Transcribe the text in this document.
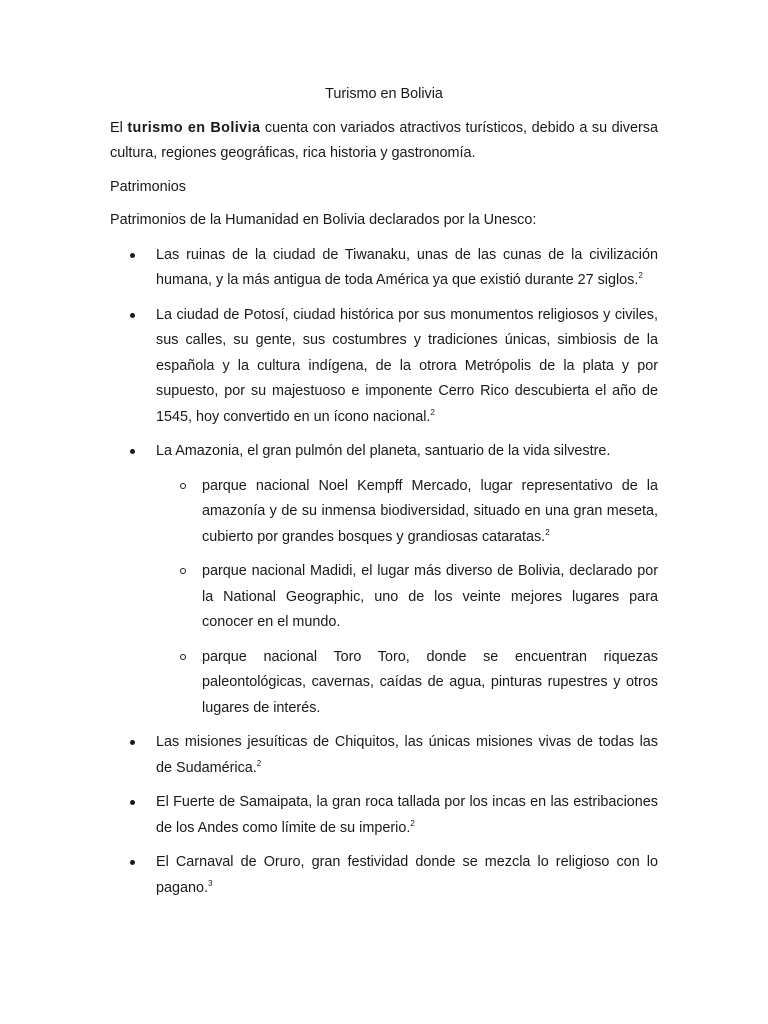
Turismo en Bolivia

El turismo en Bolivia cuenta con variados atractivos turísticos, debido a su diversa cultura, regiones geográficas, rica historia y gastronomía.

Patrimonios

Patrimonios de la Humanidad en Bolivia declarados por la Unesco:

Las ruinas de la ciudad de Tiwanaku, unas de las cunas de la civilización humana, y la más antigua de toda América ya que existió durante 27 siglos.$^2$
La ciudad de Potosí, ciudad histórica por sus monumentos religiosos y civiles, sus calles, su gente, sus costumbres y tradiciones únicas, simbiosis de la española y la cultura indígena, de la otrora Metrópolis de la plata y por supuesto, por su majestuoso e imponente Cerro Rico descubierta el año de 1545, hoy convertido en un ícono nacional.$^2$
La Amazonia, el gran pulmón del planeta, santuario de la vida silvestre.
parque nacional Noel Kempff Mercado, lugar representativo de la amazonía y de su inmensa biodiversidad, situado en una gran meseta, cubierto por grandes bosques y grandiosas cataratas.$^2$
parque nacional Madidi, el lugar más diverso de Bolivia, declarado por la National Geographic, uno de los veinte mejores lugares para conocer en el mundo.
parque nacional Toro Toro, donde se encuentran riquezas paleontológicas, cavernas, caídas de agua, pinturas rupestres y otros lugares de interés.
Las misiones jesuíticas de Chiquitos, las únicas misiones vivas de todas las de Sudamérica.$^2$
El Fuerte de Samaipata, la gran roca tallada por los incas en las estribaciones de los Andes como límite de su imperio.$^2$
El Carnaval de Oruro, gran festividad donde se mezcla lo religioso con lo pagano.$^3$
